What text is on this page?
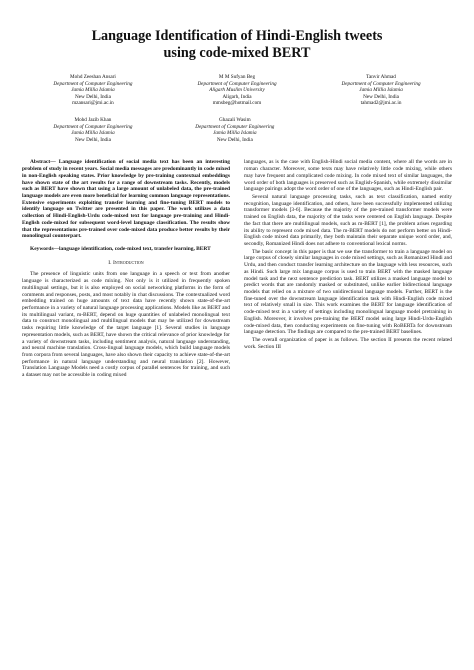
Language Identification of Hindi-English tweets
using code-mixed BERT
Mohd Zeeshan Ansari
Department of Computer Engineering
Jamia Millia Islamia
New Delhi, India
mzansari@jmi.ac.in
M M Sufyan Beg
Department of Computer Engineering
Aligarh Muslim University
Aligarh, India
mmsbeg@hotmail.com
Tanvir Ahmad
Department of Computer Engineering
Jamia Millia Islamia
New Delhi, India
tahmad2@jmi.ac.in
Mohd Jazib Khan
Department of Computer Engineering
Jamia Millia Islamia
New Delhi, India
Ghazali Wasim
Department of Computer Engineering
Jamia Millia Islamia
New Delhi, India

Abstract— Language identification of social media text has been an interesting problem of study in recent years. Social media messages are predominantly in code mixed in non-English speaking states. Prior knowledge by pre-training contextual embeddings have shown state of the art results for a range of downstream tasks. Recently, models such as BERT have shown that using a large amount of unlabeled data, the pre-trained language models are even more beneficial for learning common language representations. Extensive experiments exploiting transfer learning and fine-tuning BERT models to identify language on Twitter are presented in this paper. The work utilizes a data collection of Hindi-English-Urdu code-mixed text for language pre-training and Hindi-English code-mixed for subsequent word-level language classification. The results show that the representations pre-trained over code-mixed data produce better results by their monolingual counterpart.

Keywords—language identification, code-mixed text, transfer learning, BERT

I. Introduction

The presence of linguistic units from one language in a speech or text from another language is characterized as code mixing. Not only is it utilized in frequently spoken multilingual settings, but it is also employed on social networking platforms in the form of comments and responses, posts, and most notably in chat discussions. The contextualized word embedding trained on huge amounts of text data have recently shown state-of-the-art performance in a variety of natural language processing applications. Models like as BERT and its multilingual variant, m-BERT, depend on huge quantities of unlabeled monolingual text data to construct monolingual and multilingual models that may be utilized for downstream tasks requiring little knowledge of the target language [1]. Several studies in language representation models, such as BERT, have shown the critical relevance of prior knowledge for a variety of downstream tasks, including sentiment analysis, natural language understanding, and neural machine translation. Cross-lingual language models, which build language models from corpora from several languages, have also shown their capacity to achieve state-of-the-art performance in natural language understanding and neural translation [2]. However, Translation Language Models need a costly corpus of parallel sentences for training, and such a dataset may not be accessible in coding mixed

languages, as is the case with English-Hindi social media content, where all the words are in roman character. Moreover, some texts may have relatively little code mixing, while others may have frequent and complicated code mixing. In code mixed text of similar languages, the word order of both languages is preserved such as English-Spanish, while extremely dissimilar language pairings adopt the word order of one of the languages, such as Hindi-English pair.

Several natural language processing tasks, such as text classification, named entity recognition, language identification, and others, have been successfully implemented utilizing transformer models [3-6]. Because the majority of the pre-trained transformer models were trained on English data, the majority of the tasks were centered on English language. Despite the fact that there are multilingual models, such as m-BERT [1], the problem arises regarding its ability to represent code mixed data. The m-BERT models do not perform better on Hindi-English code mixed data primarily, they both maintain their separate unique word order, and, secondly, Romanized Hindi does not adhere to conventional lexical norms.

The basic concept in this paper is that we use the transformer to train a language model on large corpus of closely similar languages in code mixed settings, such as Romanized Hindi and Urdu, and then conduct transfer learning architecture on the language with less resources, such as Hindi. Such large mix language corpus is used to train BERT with the masked language model task and the next sentence prediction task. BERT utilizes a masked language model to predict words that are randomly masked or substituted, unlike earlier bidirectional language models that relied on a mixture of two unidirectional language models. Further, BERT is the fine-tuned over the downstream language identification task with Hindi-English code mixed text of relatively small in size. This work examines the BERT for language identification of code-mixed text in a variety of settings including monolingual language model pretraining in English. Moreover, it involves pre-training the BERT model using large Hindi-Urdu-English code-mixed data, then conducting experiments on fine-tuning with RoBERTa for downstream language detection. The findings are compared to the pre-trained BERT baselines.

The overall organization of paper is as follows. The section II presents the recent related work. Section III
